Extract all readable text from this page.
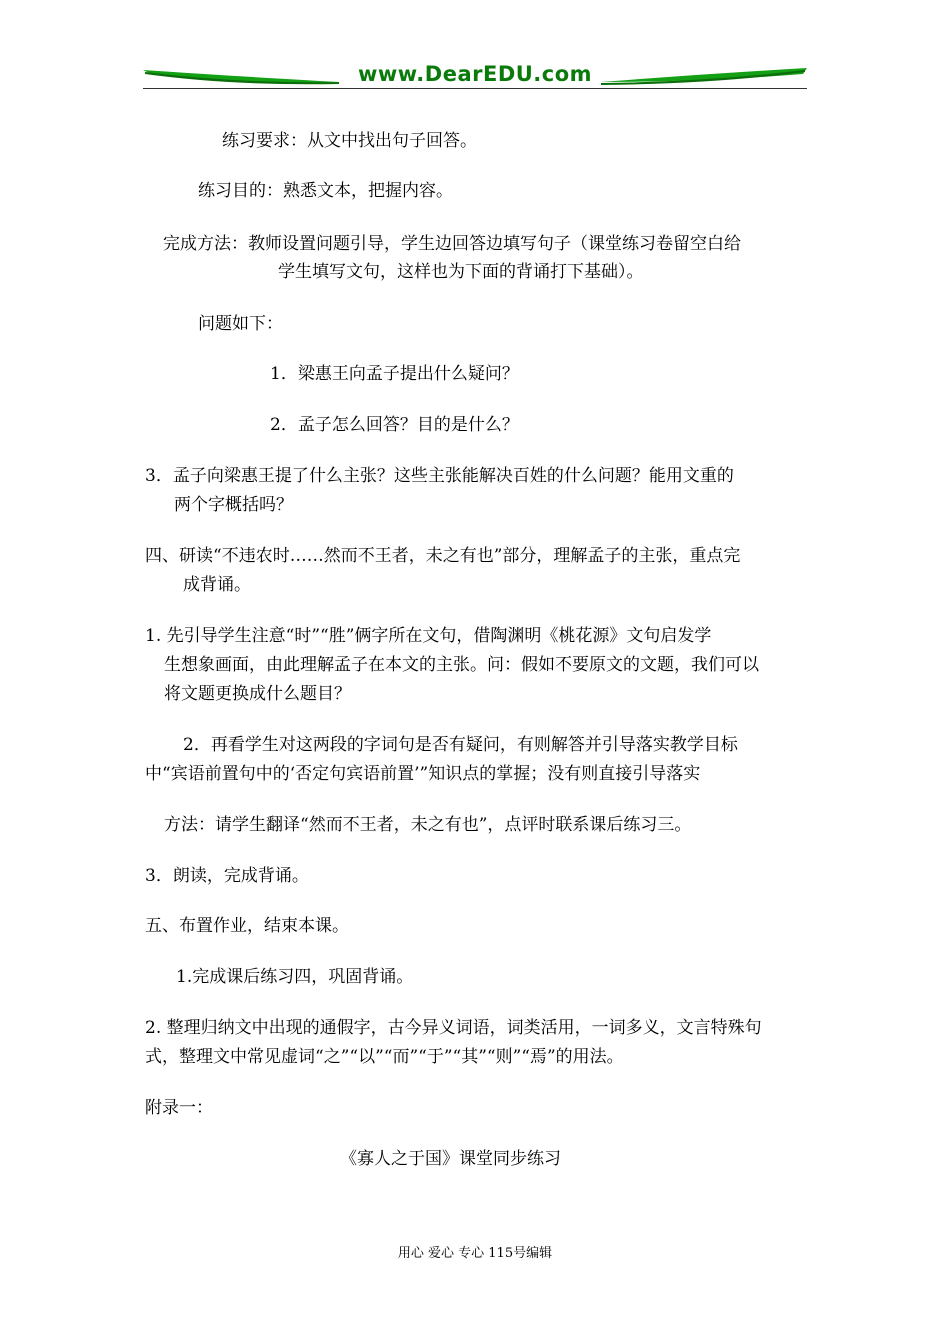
www.DearEDU.com
练习要求：从文中找出句子回答。
练习目的：熟悉文本，把握内容。
完成方法：教师设置问题引导，学生边回答边填写句子（课堂练习卷留空白给
学生填写文句，这样也为下面的背诵打下基础）。
问题如下：
1．梁惠王向孟子提出什么疑问？
2．孟子怎么回答？目的是什么？
3．孟子向梁惠王提了什么主张？这些主张能解决百姓的什么问题？能用文重的
两个字概括吗？
四、研读“不违农时……然而不王者，未之有也”部分，理解孟子的主张，重点完
成背诵。
1. 先引导学生注意“时”“胜”俩字所在文句，借陶渊明《桃花源》文句启发学
生想象画面，由此理解孟子在本文的主张。问：假如不要原文的文题，我们可以
将文题更换成什么题目？
2．再看学生对这两段的字词句是否有疑问，有则解答并引导落实教学目标
中“宾语前置句中的‘否定句宾语前置’”知识点的掌握；没有则直接引导落实
方法：请学生翻译“然而不王者，未之有也”，点评时联系课后练习三。
3．朗读，完成背诵。
五、布置作业，结束本课。
1.完成课后练习四，巩固背诵。
2. 整理归纳文中出现的通假字，古今异义词语，词类活用，一词多义，文言特殊句
式，整理文中常见虚词“之”“以”“而”“于”“其”“则”“焉”的用法。
附录一：
《寡人之于国》课堂同步练习
用心 爱心 专心 115号编辑
